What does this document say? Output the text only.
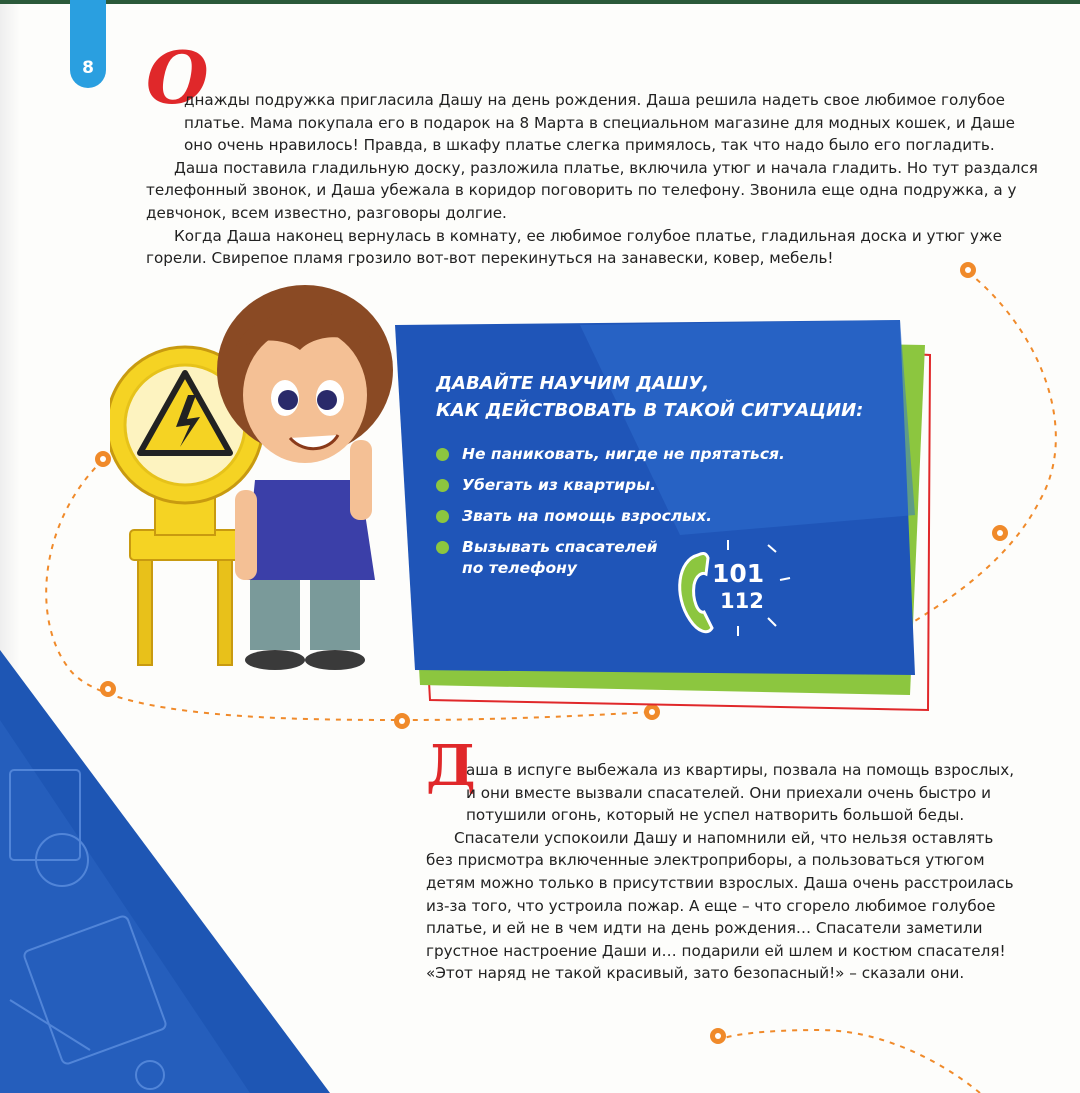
8 О

днажды подружка пригласила Дашу на день рождения. Даша решила надеть свое любимое голубое платье. Мама покупала его в подарок на 8 Марта в специальном магазине для модных кошек, и Даше оно очень нравилось! Правда, в шкафу платье слегка примялось, так что надо было его погладить.

Даша поставила гладильную доску, разложила платье, включила утюг и начала гладить. Но тут раздался телефонный звонок, и Даша убежала в коридор поговорить по телефону. Звонила еще одна подружка, а у девчонок, всем известно, разговоры долгие.

Когда Даша наконец вернулась в комнату, ее любимое голубое платье, гладильная доска и утюг уже горели. Свирепое пламя грозило вот-вот перекинуться на занавески, ковер, мебель!

ДАВАЙТЕ НАУЧИМ ДАШУ,
КАК ДЕЙСТВОВАТЬ В ТАКОЙ СИТУАЦИИ:
Не паниковать, нигде не прятаться.
Убегать из квартиры.
Звать на помощь взрослых.
Вызывать спасателей по телефону	101
112
Д

аша в испуге выбежала из квартиры, позвала на помощь взрослых, и они вместе вызвали спасателей. Они приехали очень быстро и потушили огонь, который не успел натворить большой беды.

Спасатели успокоили Дашу и напомнили ей, что нельзя оставлять без присмотра включенные электроприборы, а пользоваться утюгом детям можно только в присутствии взрослых. Даша очень расстроилась из-за того, что устроила пожар. А еще – что сгорело любимое голубое платье, и ей не в чем идти на день рождения… Спасатели заметили грустное настроение Даши и… подарили ей шлем и костюм спасателя! «Этот наряд не такой красивый, зато безопасный!» – сказали они.
